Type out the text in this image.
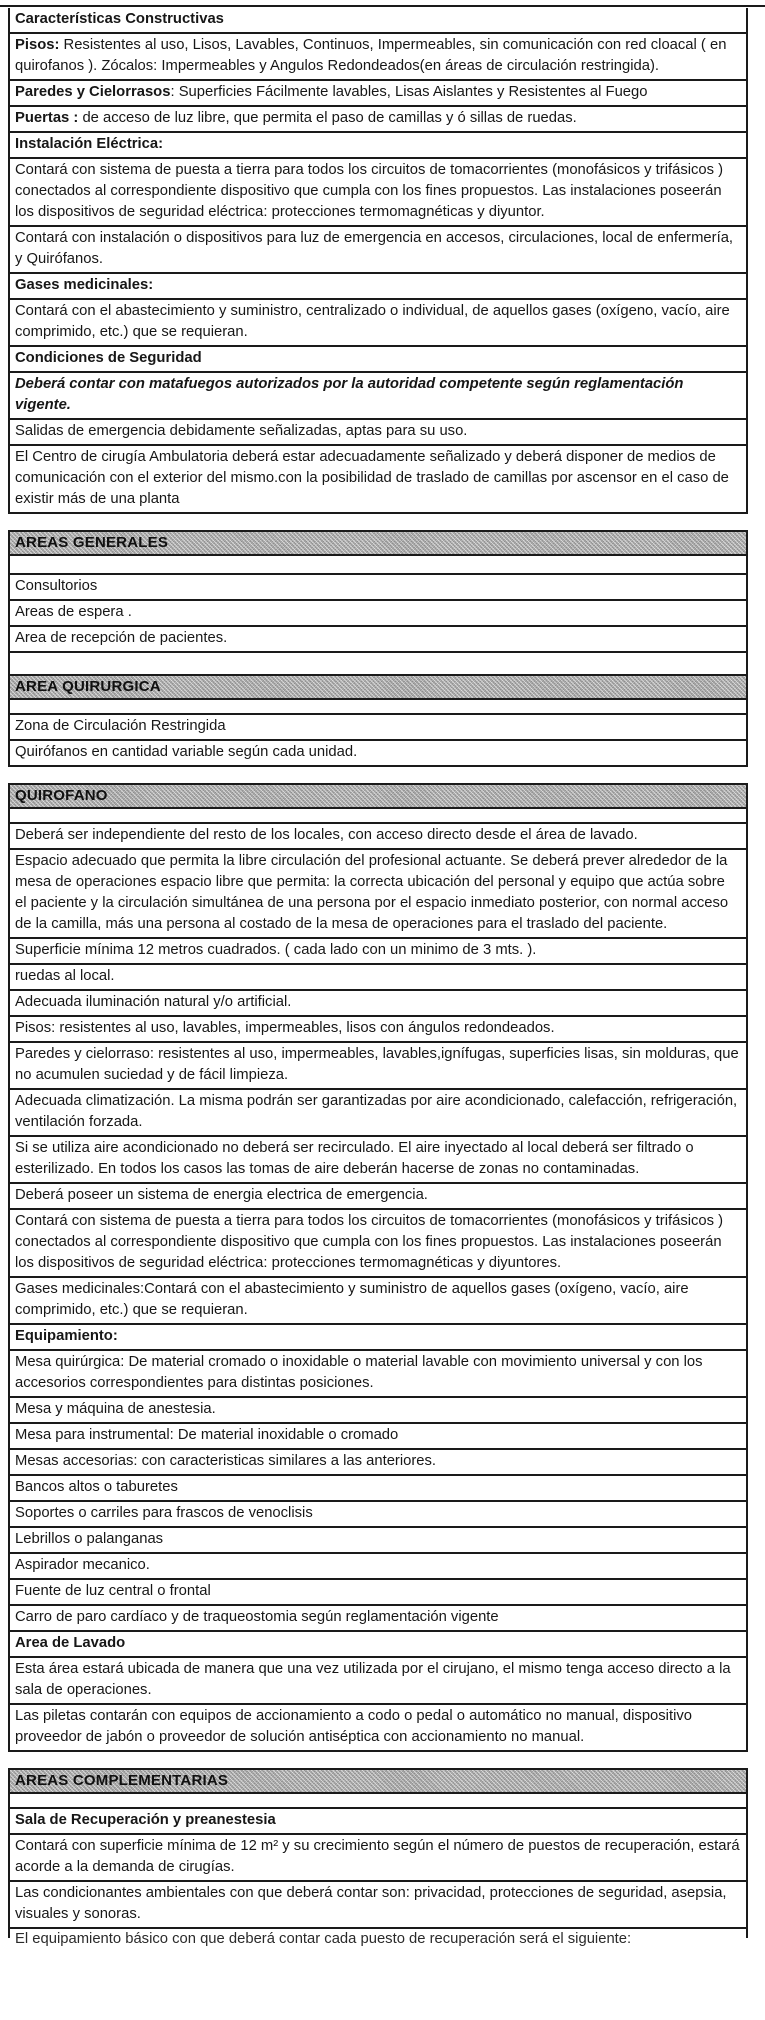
Características Constructivas
Pisos: Resistentes al uso, Lisos, Lavables, Continuos, Impermeables, sin comunicación con red cloacal ( en quirofanos ). Zócalos: Impermeables y Angulos Redondeados(en áreas de circulación restringida).
Paredes y Cielorrasos: Superficies Fácilmente lavables, Lisas Aislantes y Resistentes al Fuego
Puertas : de acceso de luz libre, que permita el paso de camillas y ó sillas de ruedas.
Instalación Eléctrica:
Contará con sistema de puesta a tierra para todos los circuitos de tomacorrientes (monofásicos y trifásicos ) conectados al correspondiente dispositivo que cumpla con los fines propuestos. Las instalaciones poseerán los dispositivos de seguridad eléctrica: protecciones termomagnéticas y diyuntor.
Contará con instalación o dispositivos para luz de emergencia en accesos, circulaciones, local de enfermería, y Quirófanos.
Gases medicinales:
Contará con el abastecimiento y suministro, centralizado o individual, de aquellos gases (oxígeno, vacío, aire comprimido, etc.) que se requieran.
Condiciones de Seguridad
Deberá contar con matafuegos autorizados por la autoridad competente según reglamentación vigente.
Salidas de emergencia debidamente señalizadas, aptas para su uso.
El Centro de cirugía Ambulatoria deberá estar adecuadamente señalizado y deberá disponer de medios de comunicación con el exterior del mismo.con la posibilidad de traslado de camillas por ascensor en el caso de existir más de una planta
AREAS GENERALES
Consultorios
Areas de espera .
Area de recepción de pacientes.
AREA QUIRURGICA
Zona de Circulación Restringida
Quirófanos en cantidad variable según cada unidad.
QUIROFANO
Deberá ser independiente del resto de los locales, con acceso directo desde el área de lavado.
Espacio adecuado que permita la libre circulación del profesional actuante. Se deberá prever alrededor de la mesa de operaciones espacio libre que permita: la correcta ubicación del personal y equipo que actúa sobre el paciente y la circulación simultánea de una persona por el espacio inmediato posterior, con normal acceso de la camilla, más una persona al costado de la mesa de operaciones para el traslado del paciente.
Superficie mínima 12 metros cuadrados. ( cada lado con un minimo de 3 mts. ).
ruedas al local.
Adecuada iluminación natural y/o artificial.
Pisos: resistentes al uso, lavables, impermeables, lisos con ángulos redondeados.
Paredes y cielorraso: resistentes al uso, impermeables, lavables,ignífugas, superficies lisas, sin molduras, que no acumulen suciedad y de fácil limpieza.
Adecuada climatización. La misma podrán ser garantizadas por aire acondicionado, calefacción, refrigeración, ventilación forzada.
Si se utiliza aire acondicionado no deberá ser recirculado. El aire inyectado al local deberá ser filtrado o esterilizado. En todos los casos las tomas de aire deberán hacerse de zonas no contaminadas.
Deberá poseer un sistema de energia electrica de emergencia.
Contará con sistema de puesta a tierra para todos los circuitos de tomacorrientes (monofásicos y trifásicos ) conectados al correspondiente dispositivo que cumpla con los fines propuestos. Las instalaciones poseerán los dispositivos de seguridad eléctrica: protecciones termomagnéticas y diyuntores.
Gases medicinales:Contará con el abastecimiento y suministro de aquellos gases (oxígeno, vacío, aire comprimido, etc.) que se requieran.
Equipamiento:
Mesa quirúrgica: De material cromado o inoxidable o material lavable con movimiento universal y con los accesorios correspondientes para distintas posiciones.
Mesa y máquina de anestesia.
Mesa para instrumental: De material inoxidable o cromado
Mesas accesorias: con caracteristicas similares a las anteriores.
Bancos altos o taburetes
Soportes o carriles para frascos de venoclisis
Lebrillos o palanganas
Aspirador mecanico.
Fuente de luz central o frontal
Carro de paro cardíaco y de traqueostomia según reglamentación vigente
Area de Lavado
Esta área estará ubicada de manera que una vez utilizada por el cirujano, el mismo tenga acceso directo a la sala de operaciones.
Las piletas contarán con equipos de accionamiento a codo o pedal o automático no manual, dispositivo proveedor de jabón o proveedor de solución antiséptica con accionamiento no manual.
AREAS COMPLEMENTARIAS
Sala de Recuperación y preanestesia
Contará con superficie mínima de 12 m² y su crecimiento según el número de puestos de recuperación, estará acorde a la demanda de cirugías.
Las condicionantes ambientales con que deberá contar son: privacidad, protecciones de seguridad, asepsia, visuales y sonoras.
El equipamiento básico con que deberá contar cada puesto de recuperación será el siguiente:
